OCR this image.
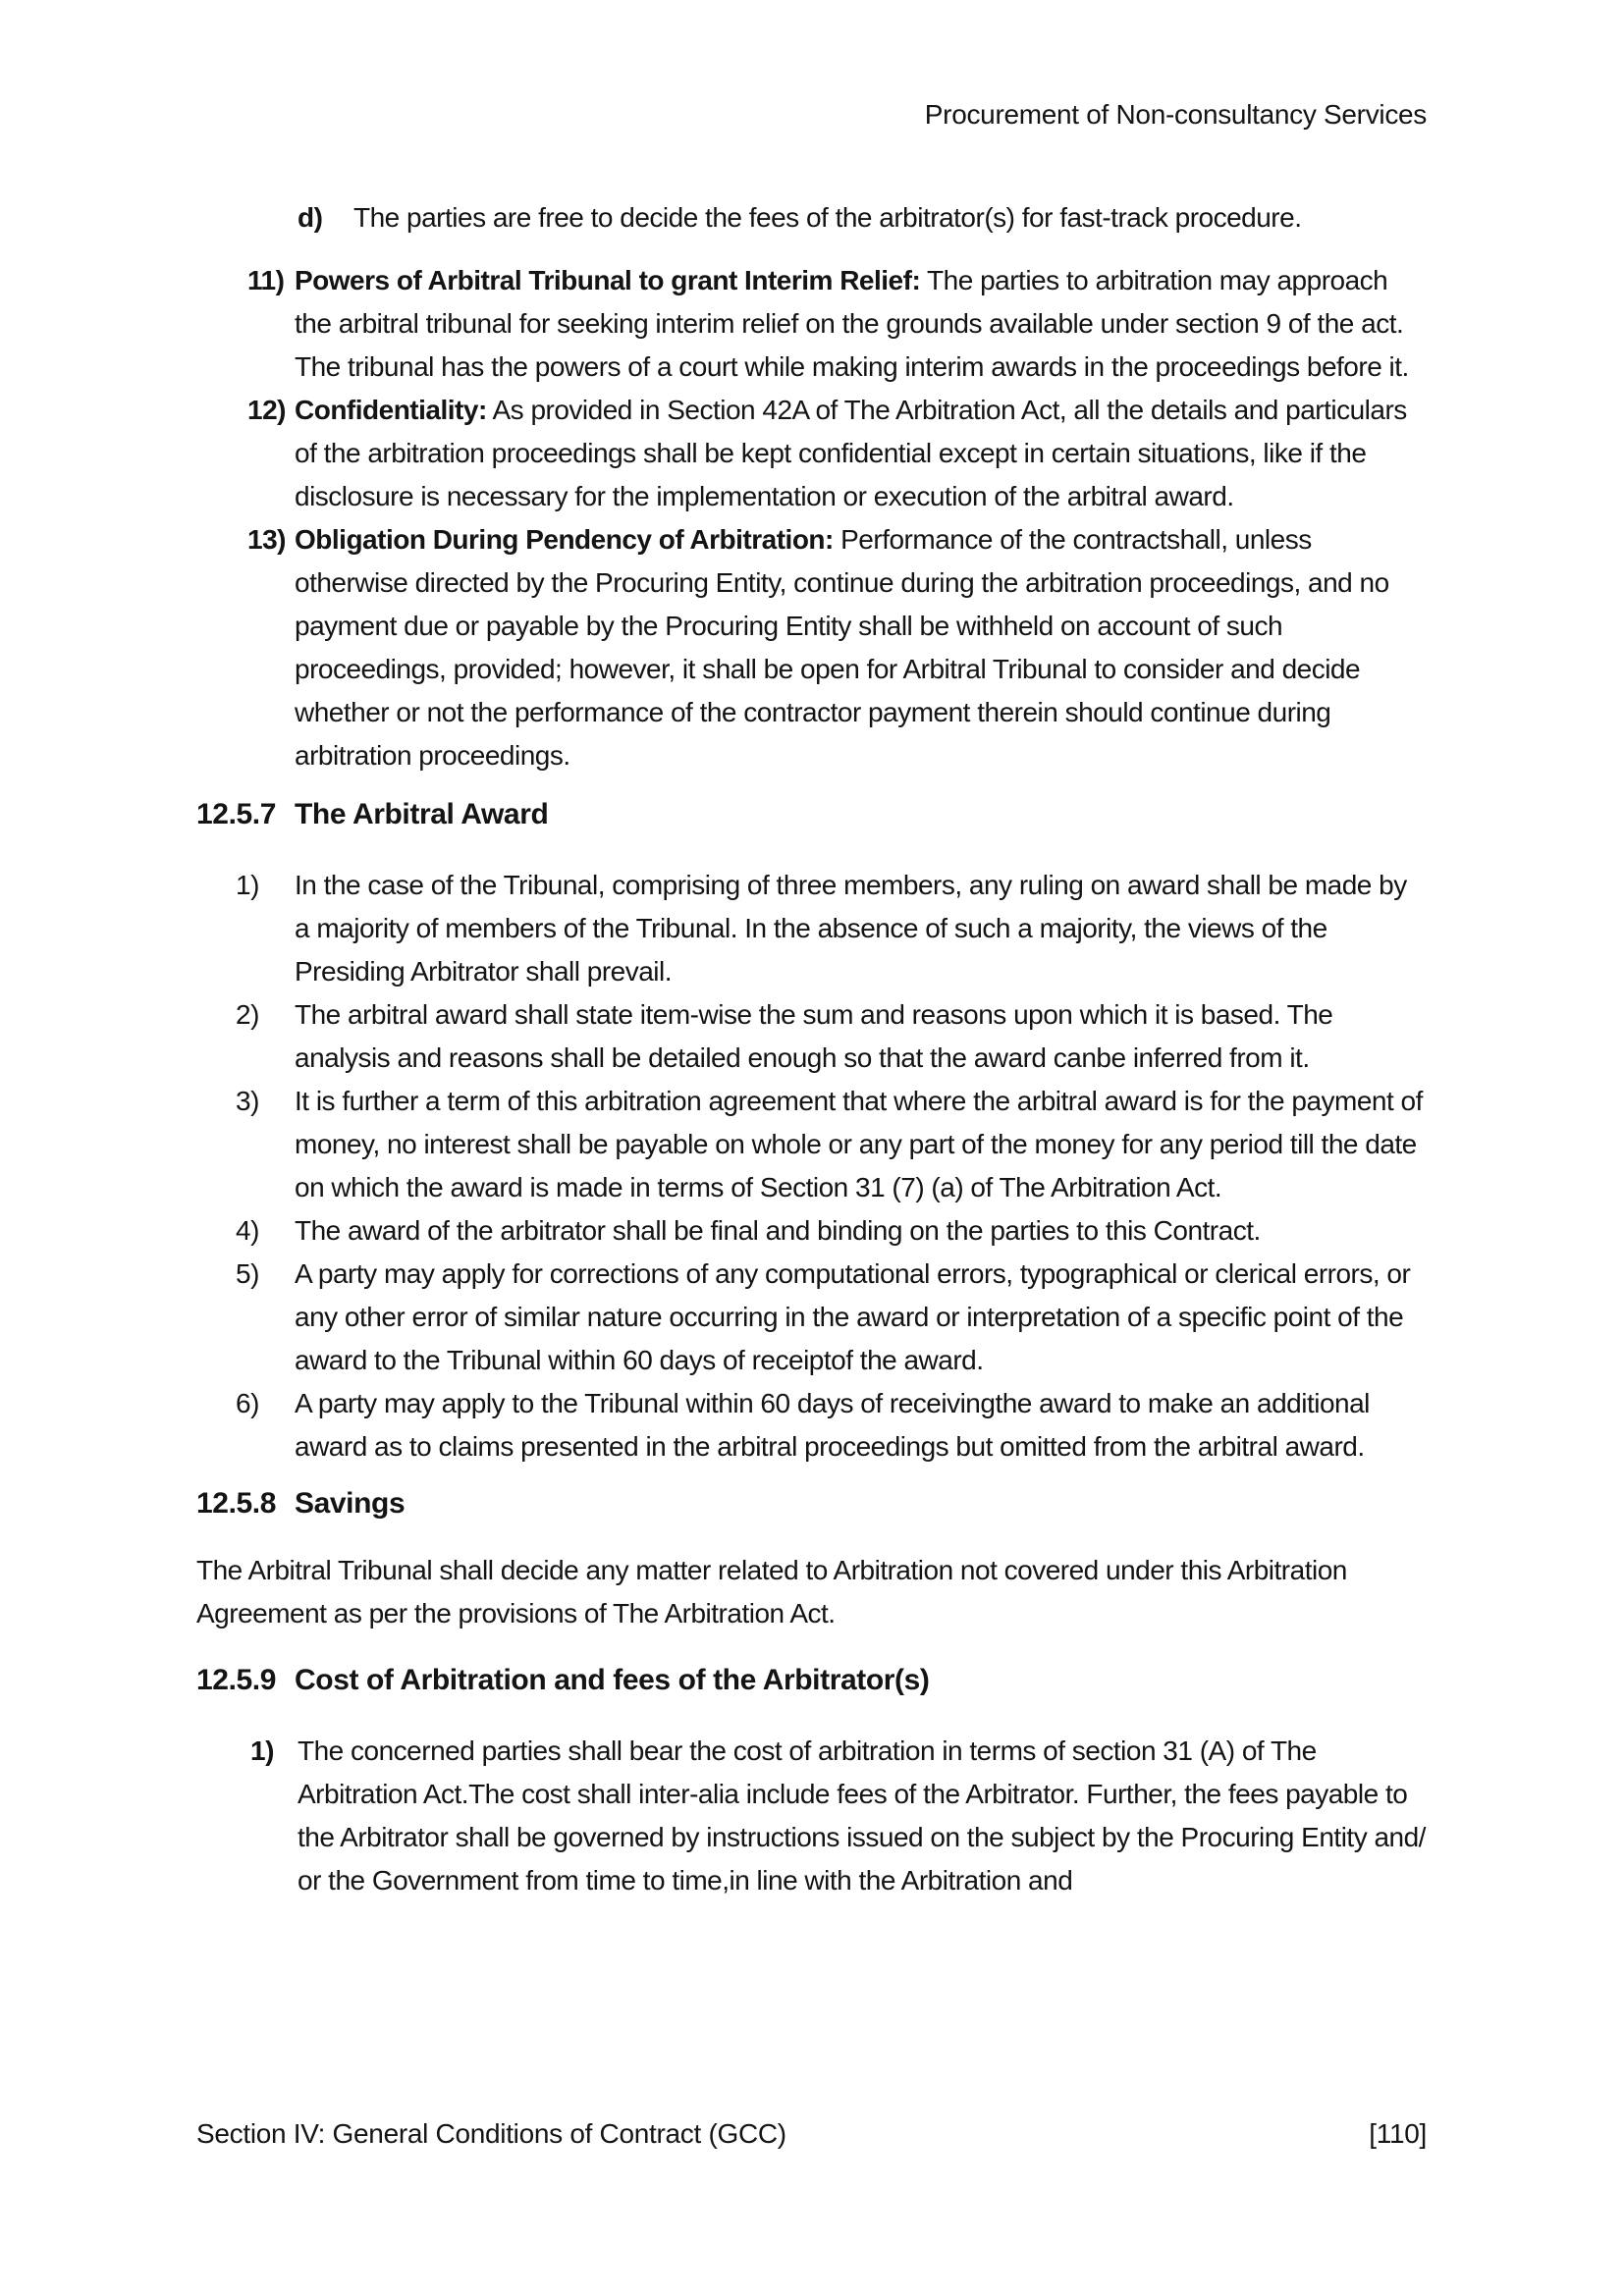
Procurement of Non-consultancy Services
d)	The parties are free to decide the fees of the arbitrator(s) for fast-track procedure.
11) Powers of Arbitral Tribunal to grant Interim Relief: The parties to arbitration may approach the arbitral tribunal for seeking interim relief on the grounds available under section 9 of the act. The tribunal has the powers of a court while making interim awards in the proceedings before it.
12) Confidentiality: As provided in Section 42A of The Arbitration Act, all the details and particulars of the arbitration proceedings shall be kept confidential except in certain situations, like if the disclosure is necessary for the implementation or execution of the arbitral award.
13) Obligation During Pendency of Arbitration: Performance of the contractshall, unless otherwise directed by the Procuring Entity, continue during the arbitration proceedings, and no payment due or payable by the Procuring Entity shall be withheld on account of such proceedings, provided; however, it shall be open for Arbitral Tribunal to consider and decide whether or not the performance of the contractor payment therein should continue during arbitration proceedings.
12.5.7 The Arbitral Award
1)	In the case of the Tribunal, comprising of three members, any ruling on award shall be made by a majority of members of the Tribunal. In the absence of such a majority, the views of the Presiding Arbitrator shall prevail.
2)	The arbitral award shall state item-wise the sum and reasons upon which it is based. The analysis and reasons shall be detailed enough so that the award canbe inferred from it.
3)	It is further a term of this arbitration agreement that where the arbitral award is for the payment of money, no interest shall be payable on whole or any part of the money for any period till the date on which the award is made in terms of Section 31 (7) (a) of The Arbitration Act.
4)	The award of the arbitrator shall be final and binding on the parties to this Contract.
5)	A party may apply for corrections of any computational errors, typographical or clerical errors, or any other error of similar nature occurring in the award or interpretation of a specific point of the award to the Tribunal within 60 days of receiptof the award.
6)	A party may apply to the Tribunal within 60 days of receivingthe award to make an additional award as to claims presented in the arbitral proceedings but omitted from the arbitral award.
12.5.8 Savings
The Arbitral Tribunal shall decide any matter related to Arbitration not covered under this Arbitration Agreement as per the provisions of The Arbitration Act.
12.5.9 Cost of Arbitration and fees of the Arbitrator(s)
1) The concerned parties shall bear the cost of arbitration in terms of section 31 (A) of The Arbitration Act.The cost shall inter-alia include fees of the Arbitrator. Further, the fees payable to the Arbitrator shall be governed by instructions issued on the subject by the Procuring Entity and/ or the Government from time to time,in line with the Arbitration and
Section IV: General Conditions of Contract (GCC)	[110]
